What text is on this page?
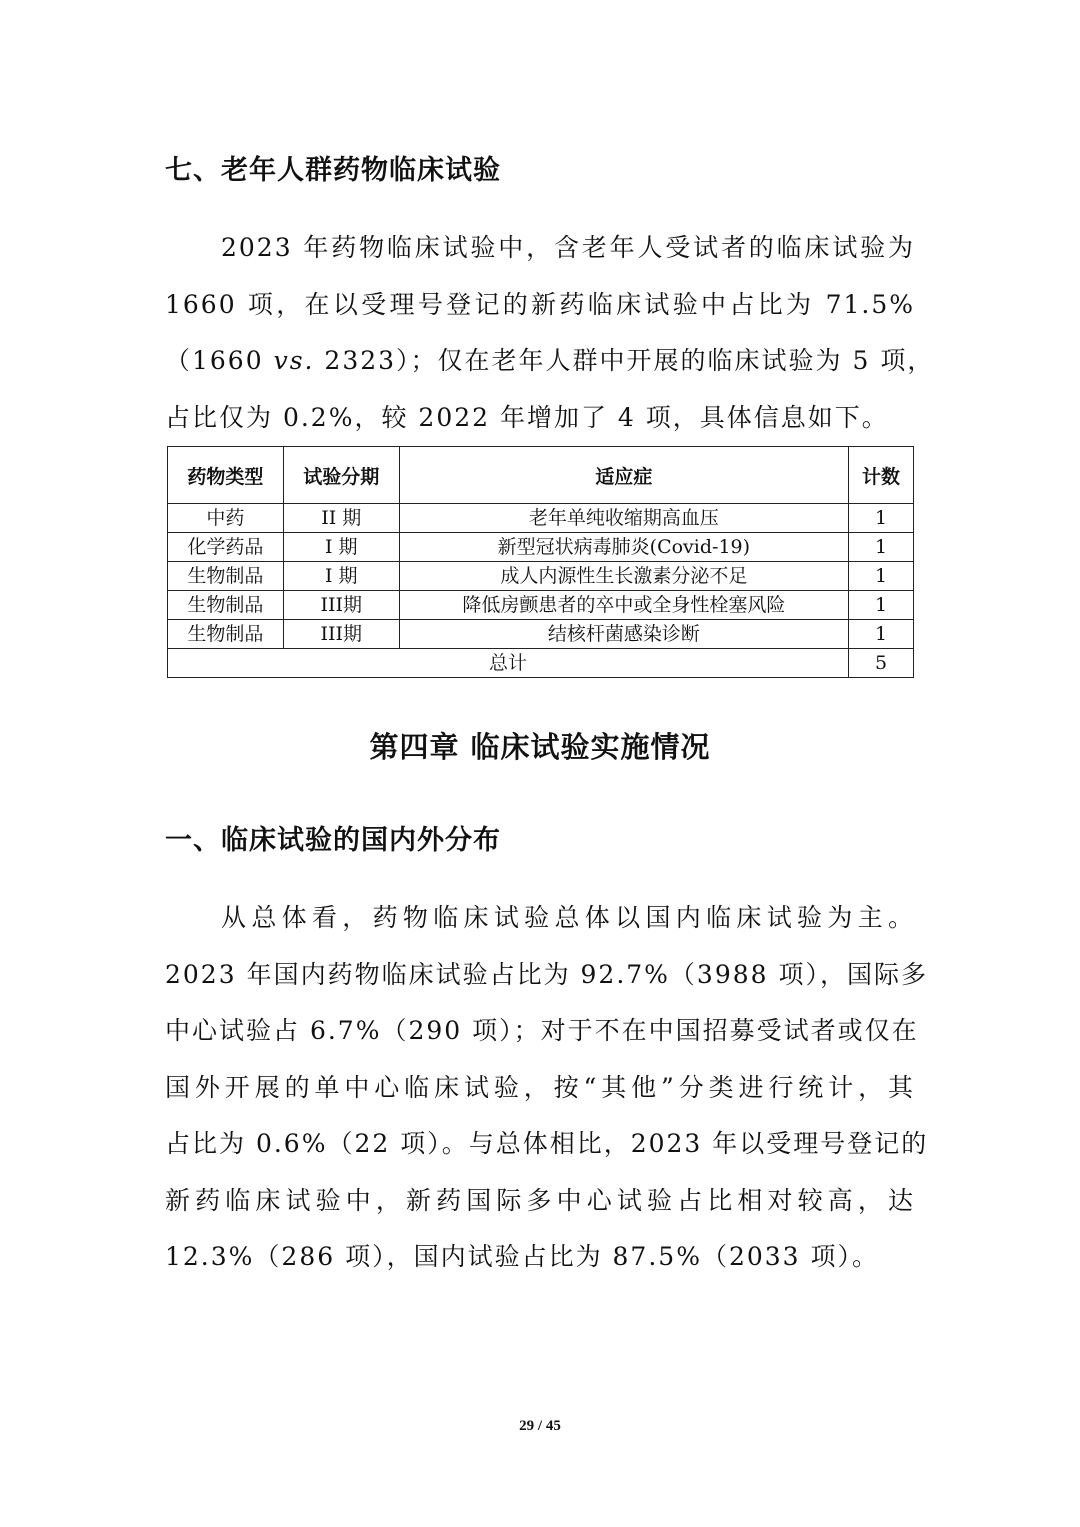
七、老年人群药物临床试验
2023 年药物临床试验中，含老年人受试者的临床试验为
1660 项，在以受理号登记的新药临床试验中占比为 71.5%
（1660 vs. 2323）；仅在老年人群中开展的临床试验为 5 项，
占比仅为 0.2%，较 2022 年增加了 4 项，具体信息如下。
药物类型	试验分期	适应症	计数
中药	II 期	老年单纯收缩期高血压	1
化学药品	I 期	新型冠状病毒肺炎(Covid-19)	1
生物制品	I 期	成人内源性生长激素分泌不足	1
生物制品	III期	降低房颤患者的卒中或全身性栓塞风险	1
生物制品	III期	结核杆菌感染诊断	1
总计			5
第四章 临床试验实施情况
一、临床试验的国内外分布
从总体看，药物临床试验总体以国内临床试验为主。
2023 年国内药物临床试验占比为 92.7%（3988 项），国际多
中心试验占 6.7%（290 项）；对于不在中国招募受试者或仅在
国外开展的单中心临床试验，按“其他”分类进行统计，其
占比为 0.6%（22 项）。与总体相比，2023 年以受理号登记的
新药临床试验中，新药国际多中心试验占比相对较高，达
12.3%（286 项），国内试验占比为 87.5%（2033 项）。
29 / 45
